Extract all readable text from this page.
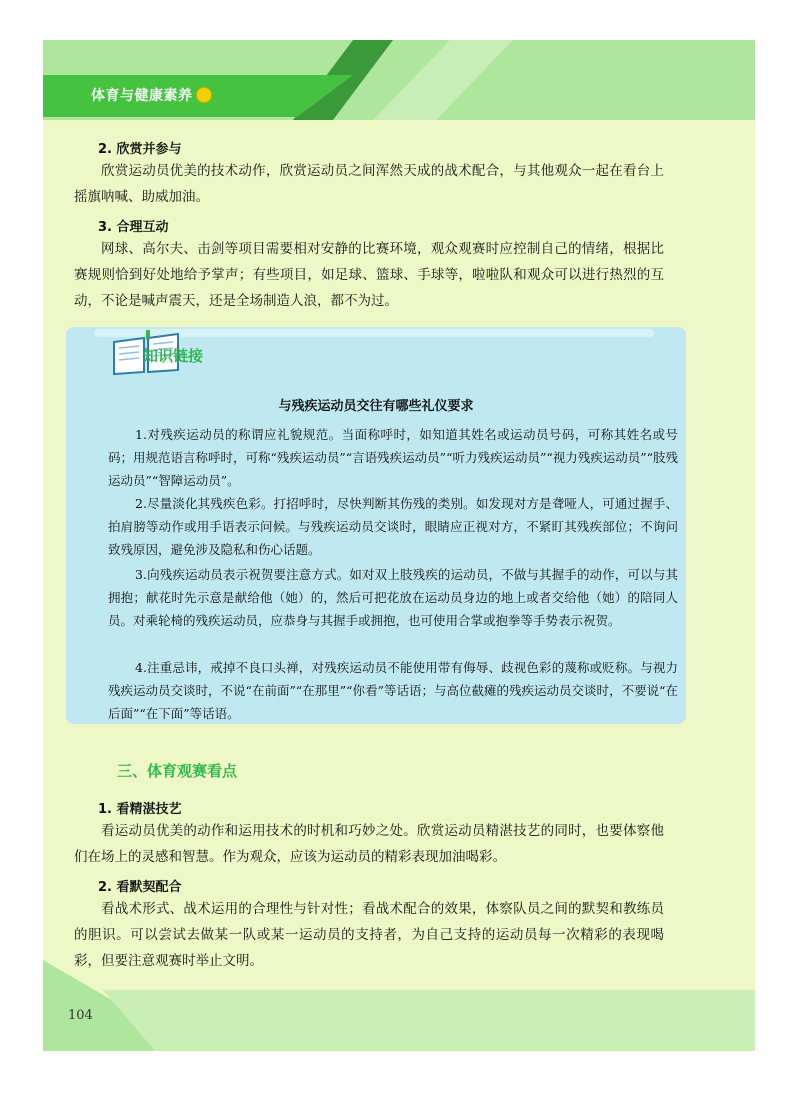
体育与健康素养
104
2. 欣赏并参与
欣赏运动员优美的技术动作，欣赏运动员之间浑然天成的战术配合，与其他观众一起在看台上摇旗呐喊、助威加油。
3. 合理互动
网球、高尔夫、击剑等项目需要相对安静的比赛环境，观众观赛时应控制自己的情绪，根据比赛规则恰到好处地给予掌声；有些项目，如足球、篮球、手球等，啦啦队和观众可以进行热烈的互动，不论是喊声震天，还是全场制造人浪，都不为过。
知识链接
与残疾运动员交往有哪些礼仪要求
1.对残疾运动员的称谓应礼貌规范。当面称呼时，如知道其姓名或运动员号码，可称其姓名或号码；用规范语言称呼时，可称“残疾运动员”“言语残疾运动员”“听力残疾运动员”“视力残疾运动员”“肢残运动员”“智障运动员”。
2.尽量淡化其残疾色彩。打招呼时，尽快判断其伤残的类别。如发现对方是聋哑人，可通过握手、拍肩膀等动作或用手语表示问候。与残疾运动员交谈时，眼睛应正视对方，不紧盯其残疾部位；不询问致残原因，避免涉及隐私和伤心话题。
3.向残疾运动员表示祝贺要注意方式。如对双上肢残疾的运动员，不做与其握手的动作，可以与其拥抱；献花时先示意是献给他（她）的，然后可把花放在运动员身边的地上或者交给他（她）的陪同人员。对乘轮椅的残疾运动员，应恭身与其握手或拥抱，也可使用合掌或抱拳等手势表示祝贺。
4.注重忌讳，戒掉不良口头禅，对残疾运动员不能使用带有侮辱、歧视色彩的蔑称或贬称。与视力残疾运动员交谈时，不说“在前面”“在那里”“你看”等话语；与高位截瘫的残疾运动员交谈时，不要说“在后面”“在下面”等话语。
三、体育观赛看点
1. 看精湛技艺
看运动员优美的动作和运用技术的时机和巧妙之处。欣赏运动员精湛技艺的同时，也要体察他们在场上的灵感和智慧。作为观众，应该为运动员的精彩表现加油喝彩。
2. 看默契配合
看战术形式、战术运用的合理性与针对性；看战术配合的效果，体察队员之间的默契和教练员的胆识。可以尝试去做某一队或某一运动员的支持者，为自己支持的运动员每一次精彩的表现喝彩，但要注意观赛时举止文明。
